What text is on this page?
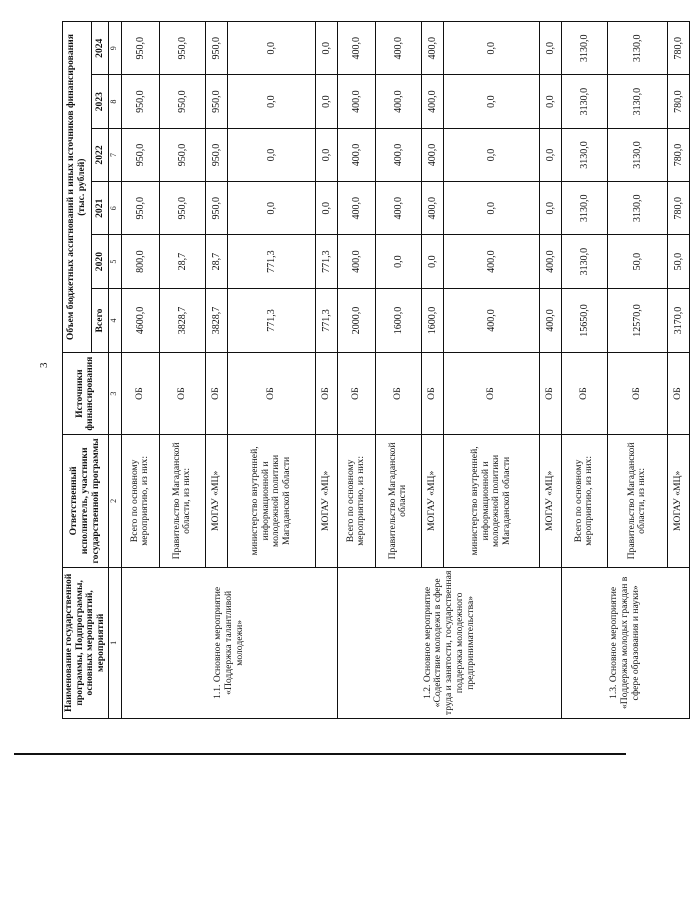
3
Наименование государственной программы, Подпрограммы, основных мероприятий, мероприятий	Ответственный исполнитель, участники государственной программы	Источники финансирования	Объем бюджетных ассигнований и иных источников финансирования (тыс. рублей)					
			Всего	2020	2021	2022	2023	2024
1	2	3	4	5	6	7	8	9
1.1. Основное мероприятие «Поддержка талантливой молодежи»	Всего по основному мероприятию, из них:	ОБ	4600,0	800,0	950,0	950,0	950,0	950,0
	Правительство Магаданской области, из них:	ОБ	3828,7	28,7	950,0	950,0	950,0	950,0
	МОГАУ «МЦ»	ОБ	3828,7	28,7	950,0	950,0	950,0	950,0
	министерство внутренней, информационной и молодежной политики Магаданской области	ОБ	771,3	771,3	0,0	0,0	0,0	0,0
	МОГАУ «МЦ»	ОБ	771,3	771,3	0,0	0,0	0,0	0,0
1.2. Основное мероприятие «Содействие молодежи в сфере труда и занятости, государственная поддержка молодежного предпринимательства»	Всего по основному мероприятию, из них:	ОБ	2000,0	400,0	400,0	400,0	400,0	400,0
	Правительство Магаданской области	ОБ	1600,0	0,0	400,0	400,0	400,0	400,0
	МОГАУ «МЦ»	ОБ	1600,0	0,0	400,0	400,0	400,0	400,0
	министерство внутренней, информационной и молодежной политики Магаданской области	ОБ	400,0	400,0	0,0	0,0	0,0	0,0
	МОГАУ «МЦ»	ОБ	400,0	400,0	0,0	0,0	0,0	0,0
1.3. Основное мероприятие «Поддержка молодых граждан в сфере образования и науки»	Всего по основному мероприятию, из них:	ОБ	15650,0	3130,0	3130,0	3130,0	3130,0	3130,0
	Правительство Магаданской области, из них:	ОБ	12570,0	50,0	3130,0	3130,0	3130,0	3130,0
	МОГАУ «МЦ»	ОБ	3170,0	50,0	780,0	780,0	780,0	780,0
